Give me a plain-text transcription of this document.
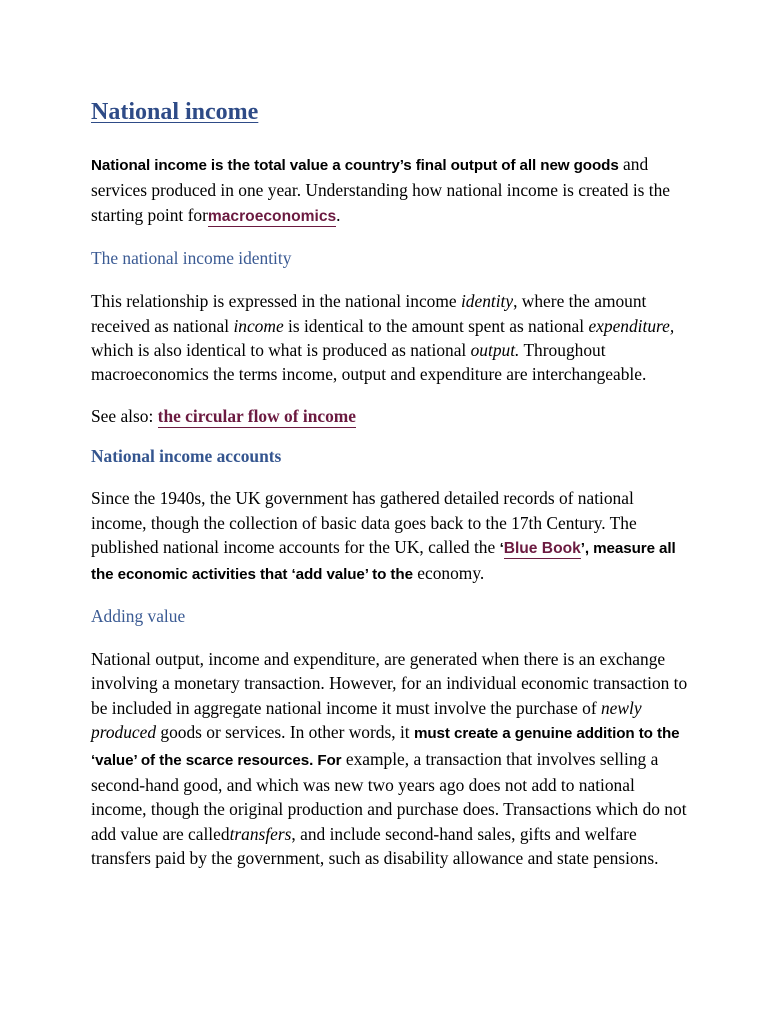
National income

National income is the total value a country’s final output of all new goods and services produced in one year. Understanding how national income is created is the starting point formacroeconomics.

The national income identity

This relationship is expressed in the national income identity, where the amount received as national income is identical to the amount spent as national expenditure, which is also identical to what is produced as national output. Throughout macroeconomics the terms income, output and expenditure are interchangeable.

See also: the circular flow of income

National income accounts

Since the 1940s, the UK government has gathered detailed records of national income, though the collection of basic data goes back to the 17th Century. The published national income accounts for the UK, called the ‘Blue Book’, measure all the economic activities that ‘add value’ to the economy.

Adding value

National output, income and expenditure, are generated when there is an exchange involving a monetary transaction. However, for an individual economic transaction to be included in aggregate national income it must involve the purchase of newly produced goods or services. In other words, it must create a genuine addition to the ‘value’ of the scarce resources. For example, a transaction that involves selling a second-hand good, and which was new two years ago does not add to national income, though the original production and purchase does. Transactions which do not add value are calledtransfers, and include second-hand sales, gifts and welfare transfers paid by the government, such as disability allowance and state pensions.
